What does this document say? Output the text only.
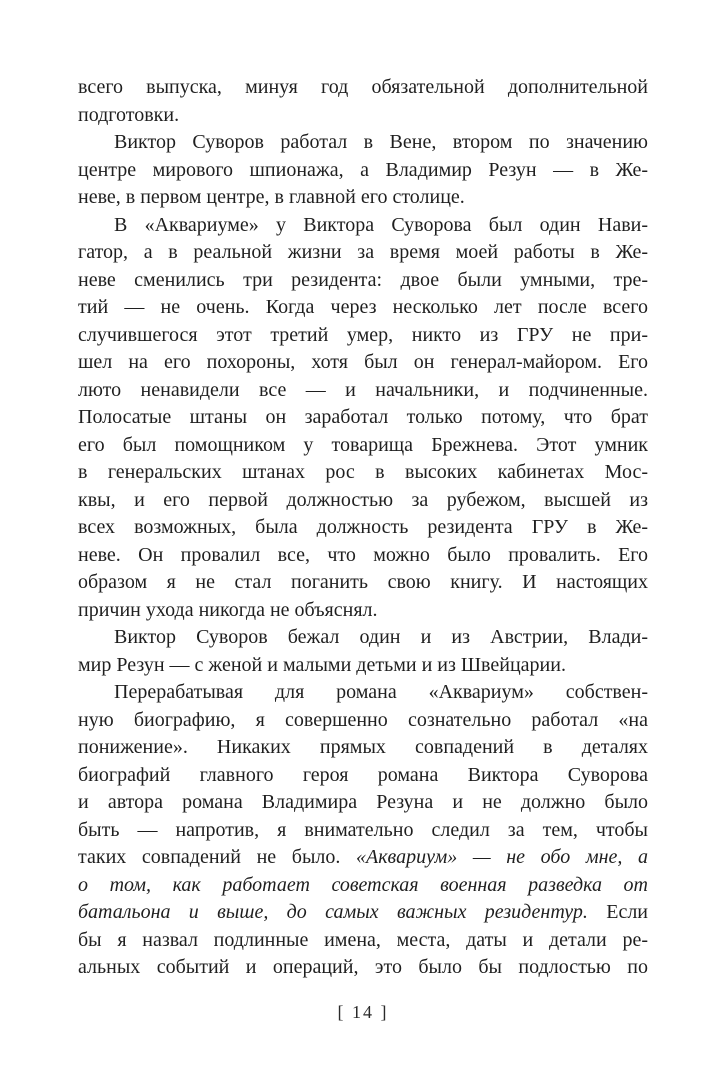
всего выпуска, минуя год обязательной дополнительной
подготовки.
Виктор Суворов работал в Вене, втором по значению
центре мирового шпионажа, а Владимир Резун — в Же-
неве, в первом центре, в главной его столице.
В «Аквариуме» у Виктора Суворова был один Нави-
гатор, а в реальной жизни за время моей работы в Же-
неве сменились три резидента: двое были умными, тре-
тий — не очень. Когда через несколько лет после всего
случившегося этот третий умер, никто из ГРУ не при-
шел на его похороны, хотя был он генерал-майором. Его
люто ненавидели все — и начальники, и подчиненные.
Полосатые штаны он заработал только потому, что брат
его был помощником у товарища Брежнева. Этот умник
в генеральских штанах рос в высоких кабинетах Мос-
квы, и его первой должностью за рубежом, высшей из
всех возможных, была должность резидента ГРУ в Же-
неве. Он провалил все, что можно было провалить. Его
образом я не стал поганить свою книгу. И настоящих
причин ухода никогда не объяснял.
Виктор Суворов бежал один и из Австрии, Влади-
мир Резун — с женой и малыми детьми и из Швейцарии.
Перерабатывая для романа «Аквариум» собствен-
ную биографию, я совершенно сознательно работал «на
понижение». Никаких прямых совпадений в деталях
биографий главного героя романа Виктора Суворова
и автора романа Владимира Резуна и не должно было
быть — напротив, я внимательно следил за тем, чтобы
таких совпадений не было. «Аквариум» — не обо мне, а
о том, как работает советская военная разведка от
батальона и выше, до самых важных резидентур. Если
бы я назвал подлинные имена, места, даты и детали ре-
альных событий и операций, это было бы подлостью по
[ 14 ]
